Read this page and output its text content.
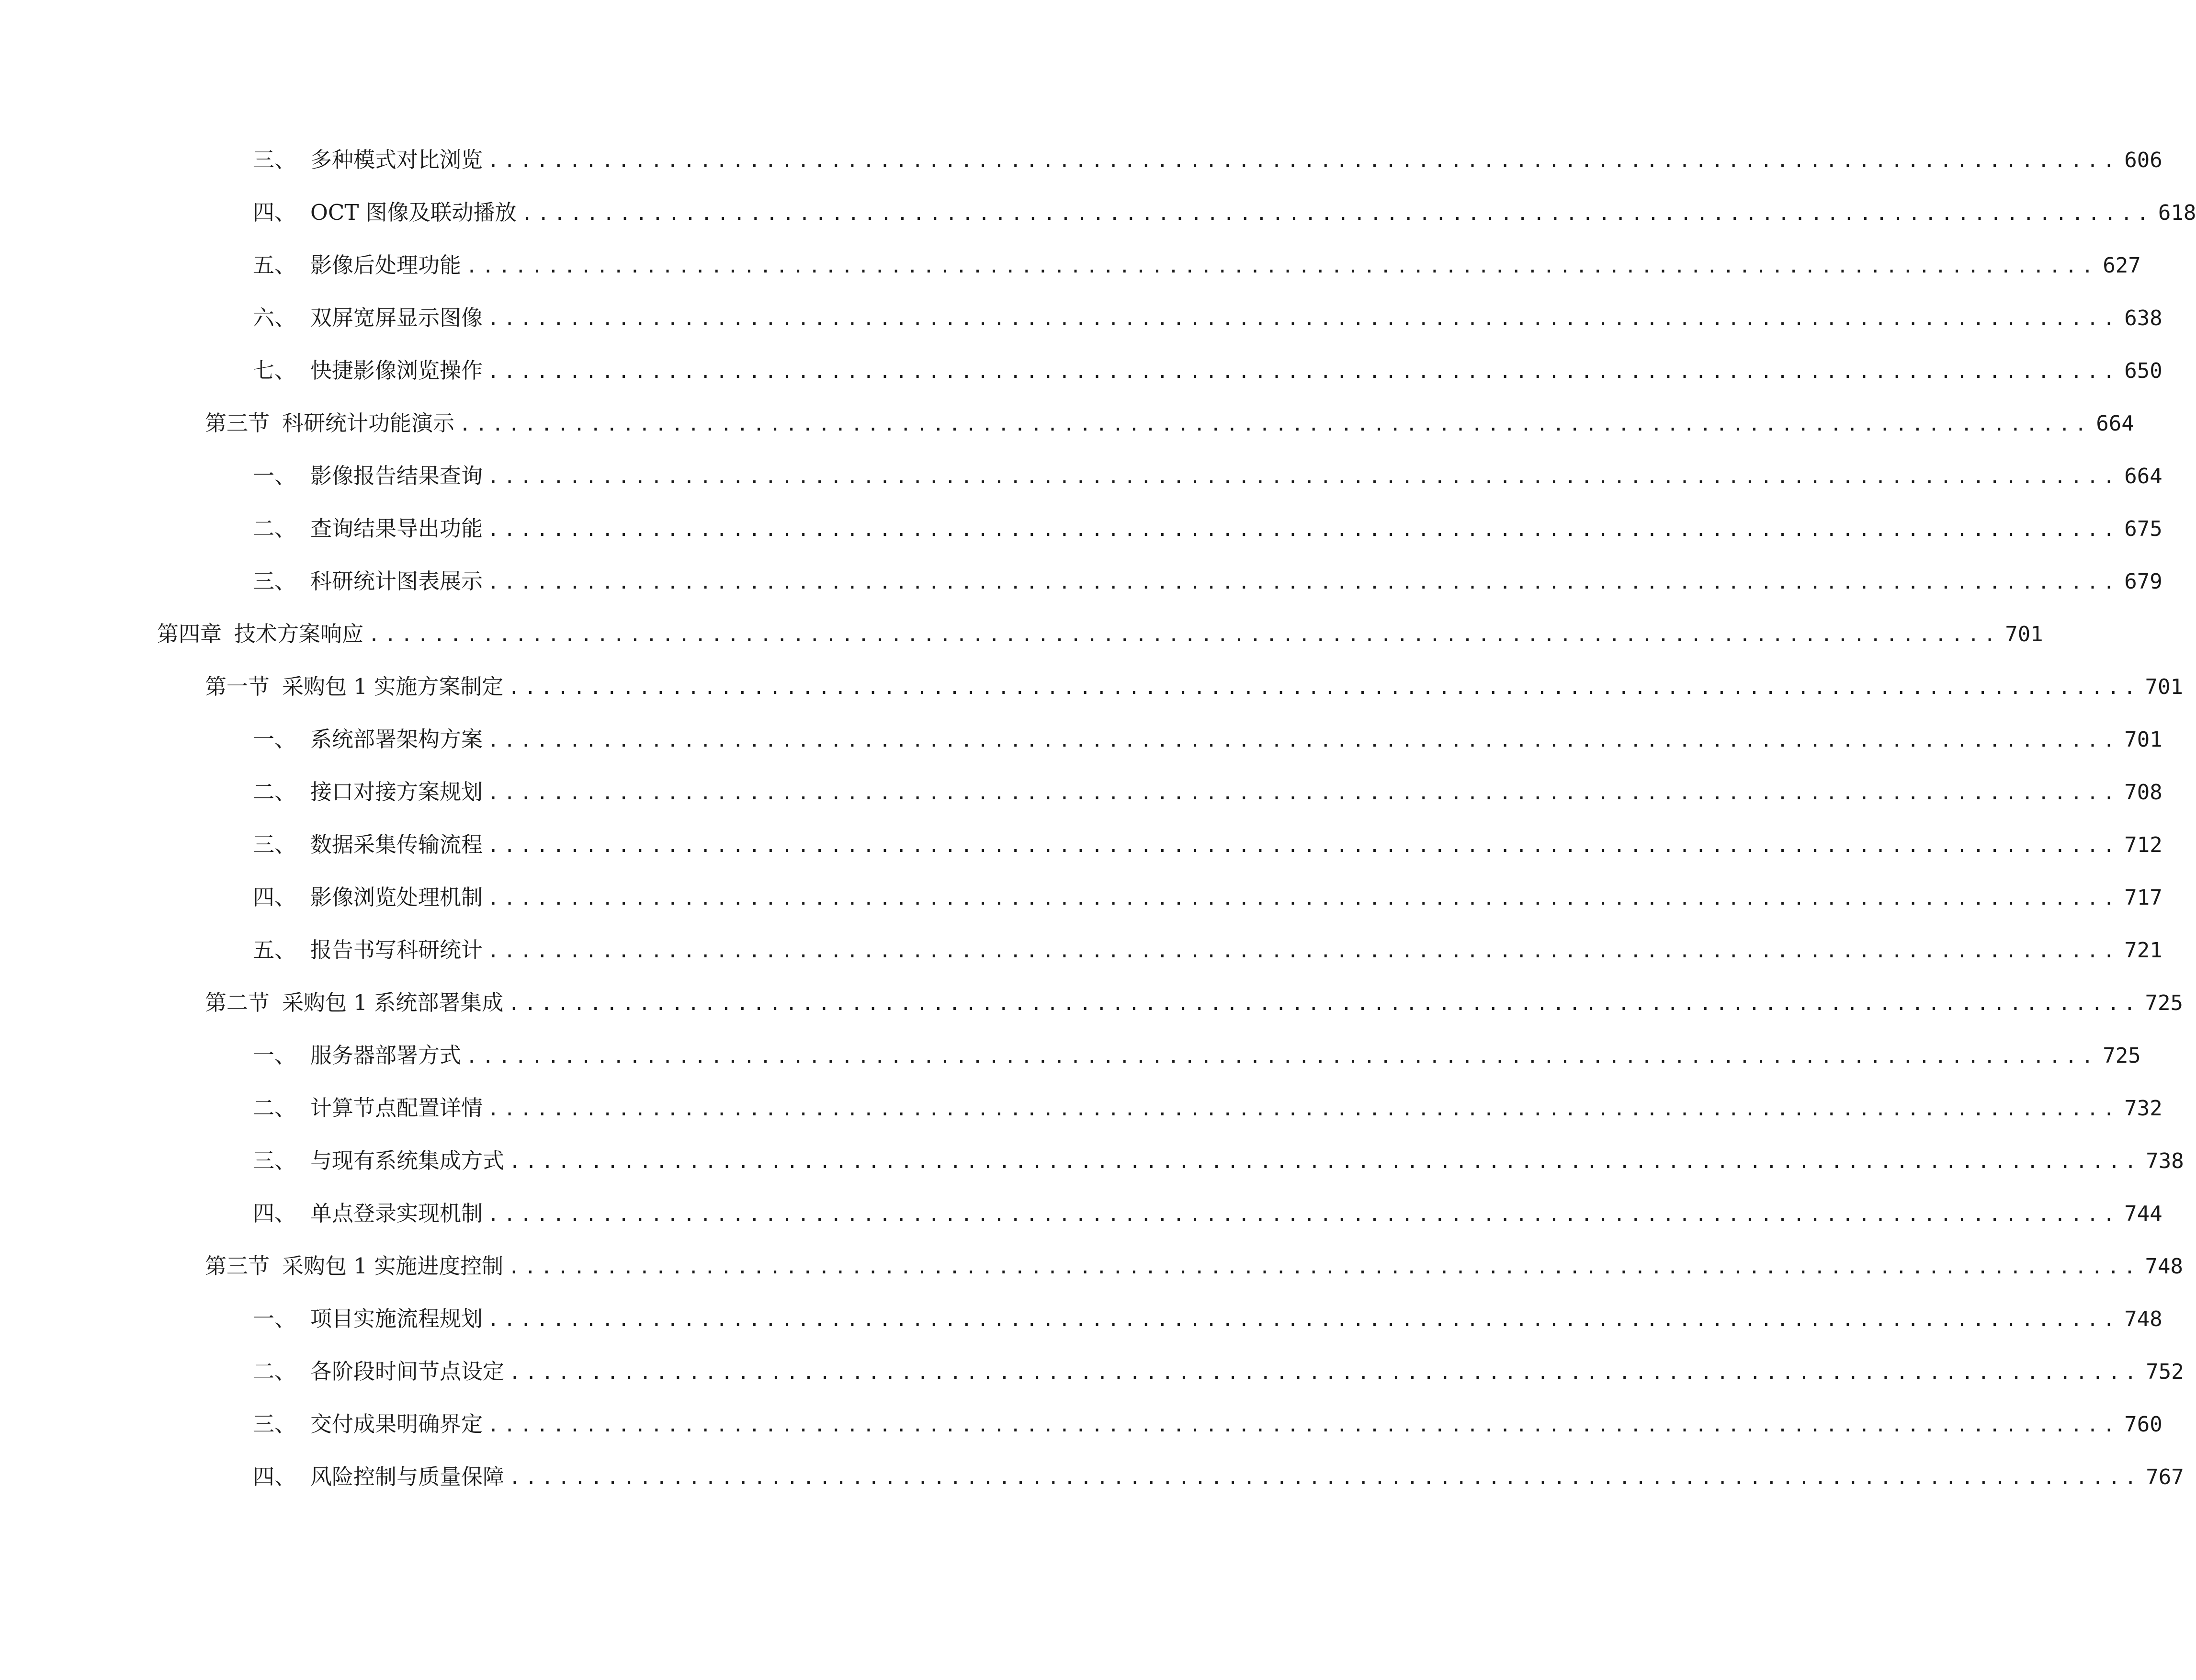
三、 多种模式对比浏览 .................................................................................................... 606
四、 OCT 图像及联动播放 .................................................................................................... 618
五、 影像后处理功能 .................................................................................................... 627
六、 双屏宽屏显示图像 .................................................................................................... 638
七、 快捷影像浏览操作 .................................................................................................... 650
第三节 科研统计功能演示 .................................................................................................... 664
一、 影像报告结果查询 .................................................................................................... 664
二、 查询结果导出功能 .................................................................................................... 675
三、 科研统计图表展示 .................................................................................................... 679
第四章 技术方案响应 .................................................................................................... 701
第一节 采购包 1 实施方案制定 .................................................................................................... 701
一、 系统部署架构方案 .................................................................................................... 701
二、 接口对接方案规划 .................................................................................................... 708
三、 数据采集传输流程 .................................................................................................... 712
四、 影像浏览处理机制 .................................................................................................... 717
五、 报告书写科研统计 .................................................................................................... 721
第二节 采购包 1 系统部署集成 .................................................................................................... 725
一、 服务器部署方式 .................................................................................................... 725
二、 计算节点配置详情 .................................................................................................... 732
三、 与现有系统集成方式 .................................................................................................... 738
四、 单点登录实现机制 .................................................................................................... 744
第三节 采购包 1 实施进度控制 .................................................................................................... 748
一、 项目实施流程规划 .................................................................................................... 748
二、 各阶段时间节点设定 .................................................................................................... 752
三、 交付成果明确界定 .................................................................................................... 760
四、 风险控制与质量保障 .................................................................................................... 767
